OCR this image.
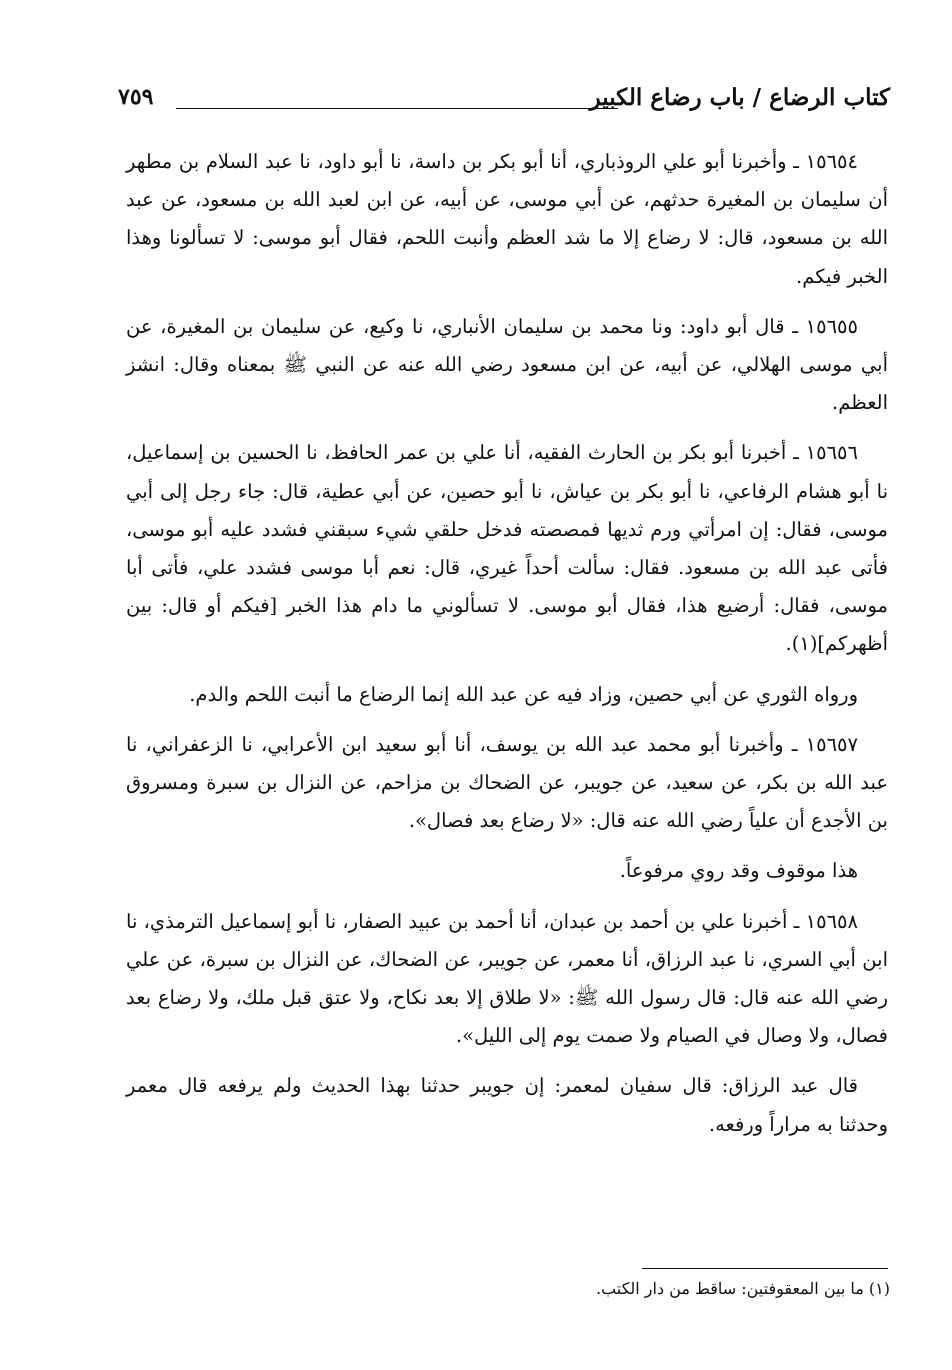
كتاب الرضاع / باب رضاع الكبير
٧٥٩

١٥٦٥٤ ـ وأخبرنا أبو علي الروذباري، أنا أبو بكر بن داسة، نا أبو داود، نا عبد السلام بن مطهر أن سليمان بن المغيرة حدثهم، عن أبي موسى، عن أبيه، عن ابن لعبد الله بن مسعود، عن عبد الله بن مسعود، قال: لا رضاع إلا ما شد العظم وأنبت اللحم، فقال أبو موسى: لا تسألونا وهذا الخبر فيكم.

١٥٦٥٥ ـ قال أبو داود: ونا محمد بن سليمان الأنباري، نا وكيع، عن سليمان بن المغيرة، عن أبي موسى الهلالي، عن أبيه، عن ابن مسعود رضي الله عنه عن النبي ﷺ بمعناه وقال: انشز العظم.

١٥٦٥٦ ـ أخبرنا أبو بكر بن الحارث الفقيه، أنا علي بن عمر الحافظ، نا الحسين بن إسماعيل، نا أبو هشام الرفاعي، نا أبو بكر بن عياش، نا أبو حصين، عن أبي عطية، قال: جاء رجل إلى أبي موسى، فقال: إن امرأتي ورم ثديها فمصصته فدخل حلقي شيء سبقني فشدد عليه أبو موسى، فأتى عبد الله بن مسعود. فقال: سألت أحداً غيري، قال: نعم أبا موسى فشدد علي، فأتى أبا موسى، فقال: أرضيع هذا، فقال أبو موسى. لا تسألوني ما دام هذا الخبر [فيكم أو قال: بين أظهركم](١).

ورواه الثوري عن أبي حصين، وزاد فيه عن عبد الله إنما الرضاع ما أنبت اللحم والدم.

١٥٦٥٧ ـ وأخبرنا أبو محمد عبد الله بن يوسف، أنا أبو سعيد ابن الأعرابي، نا الزعفراني، نا عبد الله بن بكر، عن سعيد، عن جويبر، عن الضحاك بن مزاحم، عن النزال بن سبرة ومسروق بن الأجدع أن علياً رضي الله عنه قال: «لا رضاع بعد فصال».

هذا موقوف وقد روي مرفوعاً.

١٥٦٥٨ ـ أخبرنا علي بن أحمد بن عبدان، أنا أحمد بن عبيد الصفار، نا أبو إسماعيل الترمذي، نا ابن أبي السري، نا عبد الرزاق، أنا معمر، عن جويبر، عن الضحاك، عن النزال بن سبرة، عن علي رضي الله عنه قال: قال رسول الله ﷺ: «لا طلاق إلا بعد نكاح، ولا عتق قبل ملك، ولا رضاع بعد فصال، ولا وصال في الصيام ولا صمت يوم إلى الليل».

قال عبد الرزاق: قال سفيان لمعمر: إن جويبر حدثنا بهذا الحديث ولم يرفعه قال معمر وحدثنا به مراراً ورفعه.

(١) ما بين المعقوفتين: ساقط من دار الكتب.
